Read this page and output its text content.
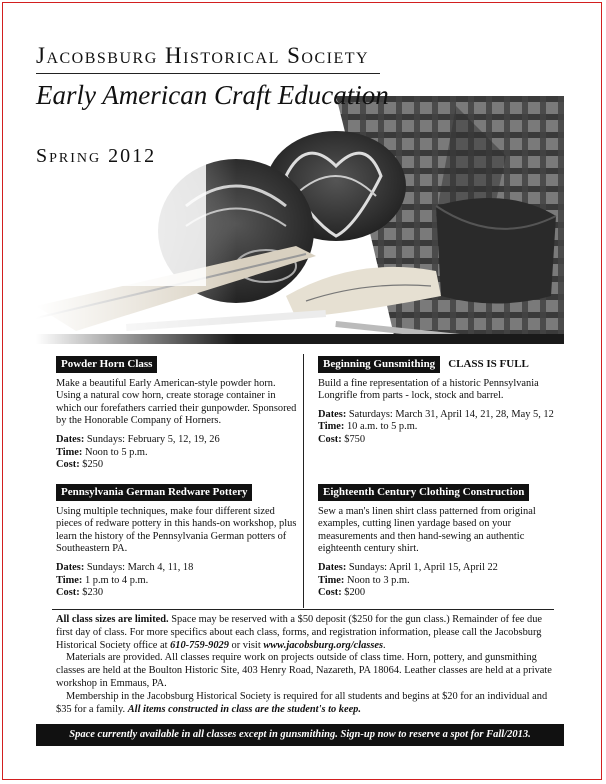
Jacobsburg Historical Society
Early American Craft Education
Spring 2012
Powder Horn Class

Make a beautiful Early American-style powder horn. Using a natural cow horn, create storage container in which our forefathers carried their gunpowder. Sponsored by the Honorable Company of Horners.

Dates: Sundays: February 5, 12, 19, 26

Time: Noon to 5 p.m.

Cost: $250

Beginning Gunsmithing CLASS IS FULL

Build a fine representation of a historic Pennsylvania Longrifle from parts - lock, stock and barrel.

Dates: Saturdays: March 31, April 14, 21, 28, May 5, 12

Time: 10 a.m. to 5 p.m.

Cost: $750

Pennsylvania German Redware Pottery

Using multiple techniques, make four different sized pieces of redware pottery in this hands-on workshop, plus learn the history of the Pennsylvania German potters of Southeastern PA.

Dates: Sundays: March 4, 11, 18

Time: 1 p.m to 4 p.m.

Cost: $230

Eighteenth Century Clothing Construction

Sew a man's linen shirt class patterned from original examples, cutting linen yardage based on your measurements and then hand-sewing an authentic eighteenth century shirt.

Dates: Sundays: April 1, April 15, April 22

Time: Noon to 3 p.m.

Cost: $200

All class sizes are limited. Space may be reserved with a $50 deposit ($250 for the gun class.) Remainder of fee due first day of class. For more specifics about each class, forms, and registration information, please call the Jacobsburg Historical Society office at 610-759-9029 or visit www.jacobsburg.org/classes.

Materials are provided. All classes require work on projects outside of class time. Horn, pottery, and gunsmithing classes are held at the Boulton Historic Site, 403 Henry Road, Nazareth, PA 18064. Leather classes are held at a private workshop in Emmaus, PA.

Membership in the Jacobsburg Historical Society is required for all students and begins at $20 for an individual and $35 for a family. All items constructed in class are the student's to keep.

Space currently available in all classes except in gunsmithing. Sign-up now to reserve a spot for Fall/2013.
